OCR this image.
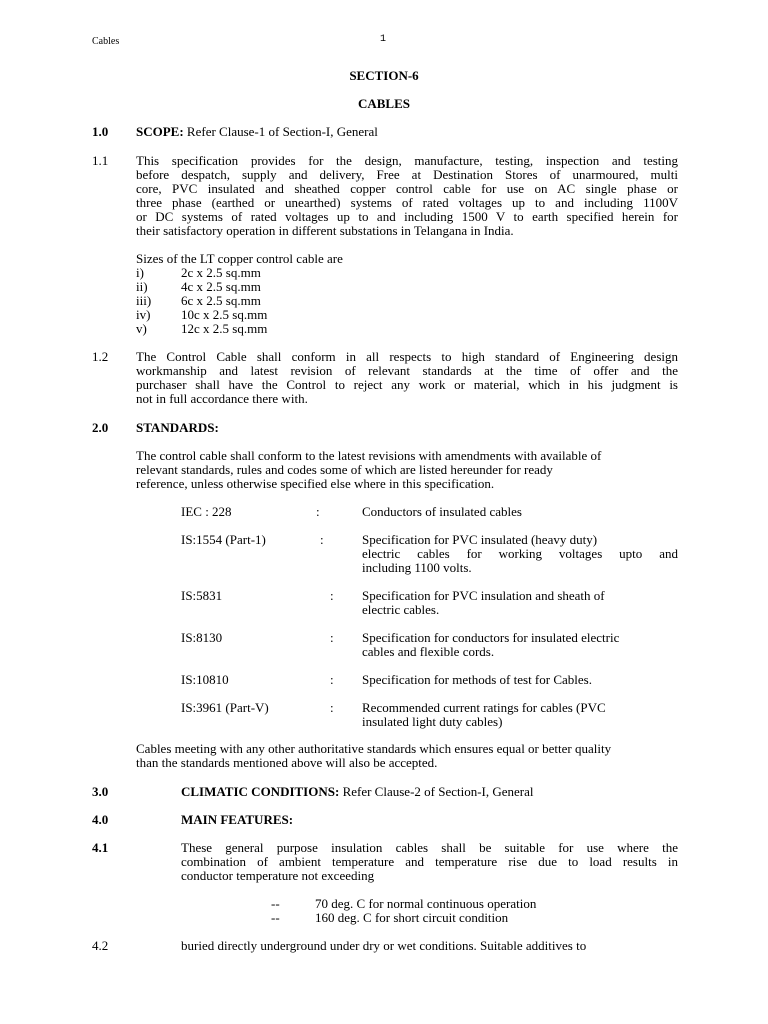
Cables	1
SECTION-6
CABLES
1.0 SCOPE: Refer Clause-1 of Section-I, General
1.1 This specification provides for the design, manufacture, testing, inspection and testing
before despatch, supply and delivery, Free at Destination Stores of unarmoured, multi
core, PVC insulated and sheathed copper control cable for use on AC single phase or
three phase (earthed or unearthed) systems of rated voltages up to and including 1100V
or DC systems of rated voltages up to and including 1500 V to earth specified herein for
their satisfactory operation in different substations in Telangana in India.
Sizes of the LT copper control cable are
i)	2c x 2.5 sq.mm
ii)	4c x 2.5 sq.mm
iii) 6c x 2.5 sq.mm
iv) 10c x 2.5 sq.mm
v)	12c x 2.5 sq.mm
1.2 The Control Cable shall conform in all respects to high standard of Engineering design
workmanship and latest revision of relevant standards at the time of offer and the
purchaser shall have the Control to reject any work or material, which in his judgment is
not in full accordance there with.
2.0 STANDARDS:
The control cable shall conform to the latest revisions with amendments with available of
relevant standards, rules and codes some of which are listed hereunder for ready
reference, unless otherwise specified else where in this specification.
IEC : 228	:	Conductors of insulated cables
IS:1554 (Part-1)	:	Specification for PVC insulated (heavy duty)
electric cables for working voltages upto and
including 1100 volts.
IS:5831	: Specification for PVC insulation and sheath of
electric cables.
IS:8130	: Specification for conductors for insulated electric
cables and flexible cords.
IS:10810	: Specification for methods of test for Cables.
IS:3961 (Part-V)	: Recommended current ratings for cables (PVC
insulated light duty cables)
Cables meeting with any other authoritative standards which ensures equal or better quality
than the standards mentioned above will also be accepted.
3.0	CLIMATIC CONDITIONS: Refer Clause-2 of Section-I, General
4.0	MAIN FEATURES:
4.1	These general purpose insulation cables shall be suitable for use where the
combination of ambient temperature and temperature rise due to load results in
conductor temperature not exceeding
--	70 deg. C for normal continuous operation
--	160 deg. C for short circuit condition
4.2	buried directly underground under dry or wet conditions. Suitable additives to
